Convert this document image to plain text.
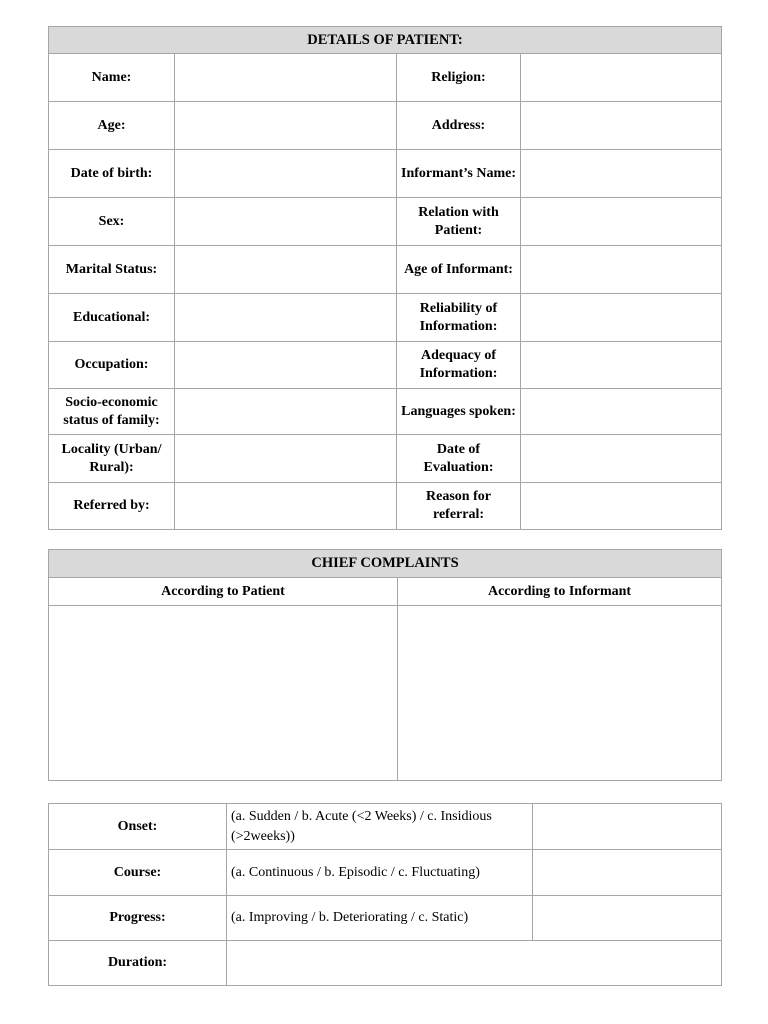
DETAILS OF PATIENT:			
Name:		Religion:	
Age:		Address:	
Date of birth:		Informant’s Name:	
Sex:		Relation with Patient:	
Marital Status:		Age of Informant:	
Educational:		Reliability of Information:	
Occupation:		Adequacy of Information:	
Socio-economic status of family:		Languages spoken:	
Locality (Urban/ Rural):		Date of Evaluation:	
Referred by:		Reason for referral:	
CHIEF COMPLAINTS	
According to Patient	According to Informant

Onset:	(a. Sudden / b. Acute (<2 Weeks) / c. Insidious (>2weeks))	
Course:	(a. Continuous / b. Episodic / c. Fluctuating)	
Progress:	(a. Improving / b. Deteriorating / c. Static)	
Duration:		
